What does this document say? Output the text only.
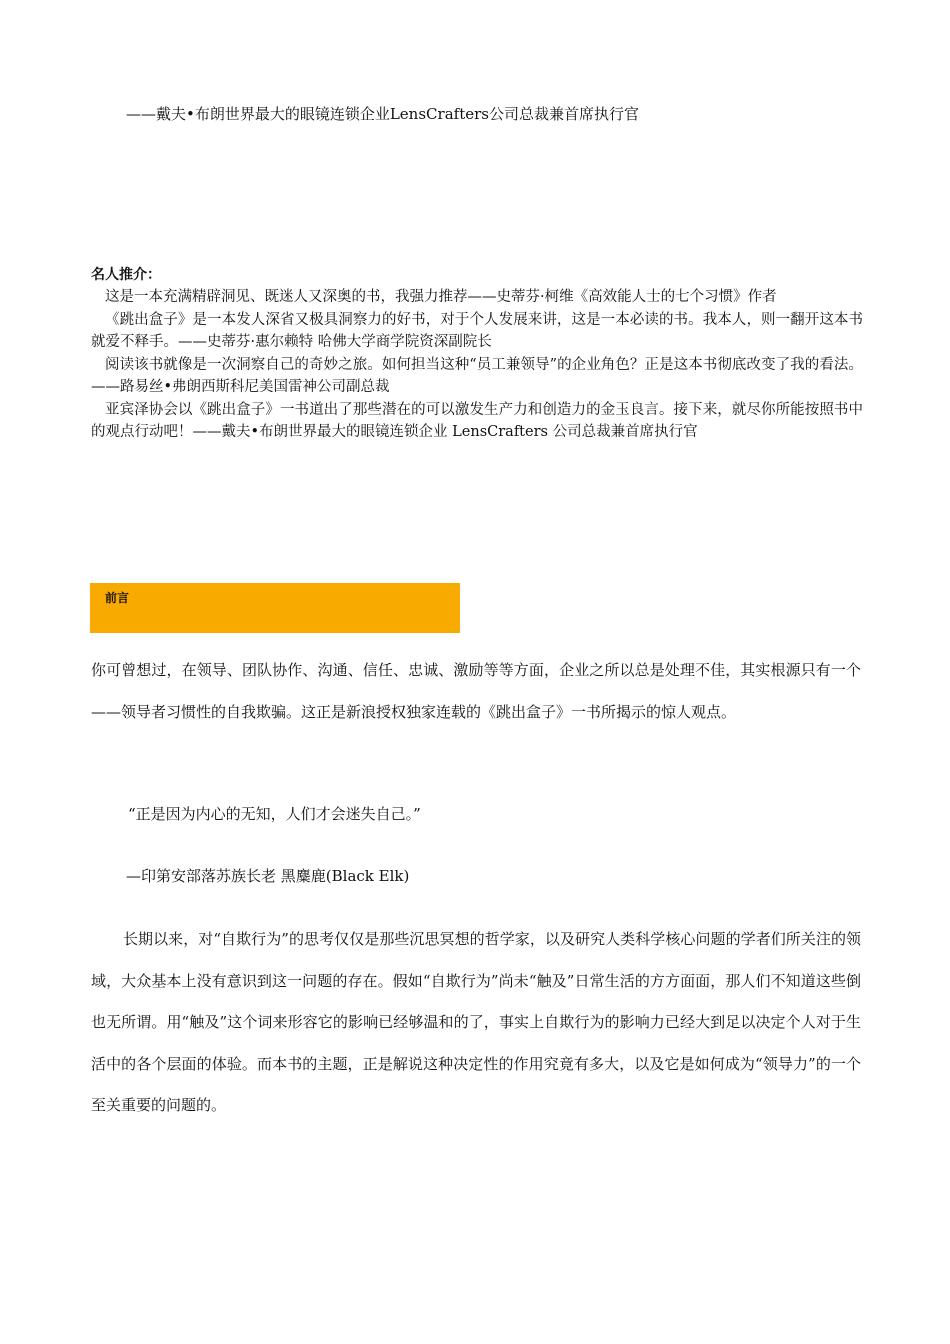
——戴夫•布朗世界最大的眼镜连锁企业LensCrafters公司总裁兼首席执行官

名人推介：

这是一本充满精辟洞见、既迷人又深奥的书，我强力推荐——史蒂芬·柯维《高效能人士的七个习惯》作者

《跳出盒子》是一本发人深省又极具洞察力的好书，对于个人发展来讲，这是一本必读的书。我本人，则一翻开这本书就爱不释手。——史蒂芬·惠尔赖特 哈佛大学商学院资深副院长

阅读该书就像是一次洞察自己的奇妙之旅。如何担当这种“员工兼领导”的企业角色？正是这本书彻底改变了我的看法。——路易丝•弗朗西斯科尼美国雷神公司副总裁

亚宾泽协会以《跳出盒子》一书道出了那些潜在的可以激发生产力和创造力的金玉良言。接下来，就尽你所能按照书中的观点行动吧！——戴夫•布朗世界最大的眼镜连锁企业 LensCrafters 公司总裁兼首席执行官

前言

你可曾想过，在领导、团队协作、沟通、信任、忠诚、激励等等方面，企业之所以总是处理不佳，其实根源只有一个——领导者习惯性的自我欺骗。这正是新浪授权独家连载的《跳出盒子》一书所揭示的惊人观点。

“正是因为内心的无知，人们才会迷失自己。”

—印第安部落苏族长老 黑麋鹿(Black Elk)

长期以来，对“自欺行为”的思考仅仅是那些沉思冥想的哲学家，以及研究人类科学核心问题的学者们所关注的领域，大众基本上没有意识到这一问题的存在。假如“自欺行为”尚未“触及”日常生活的方方面面，那人们不知道这些倒也无所谓。用“触及”这个词来形容它的影响已经够温和的了，事实上自欺行为的影响力已经大到足以决定个人对于生活中的各个层面的体验。而本书的主题，正是解说这种决定性的作用究竟有多大，以及它是如何成为“领导力”的一个至关重要的问题的。
